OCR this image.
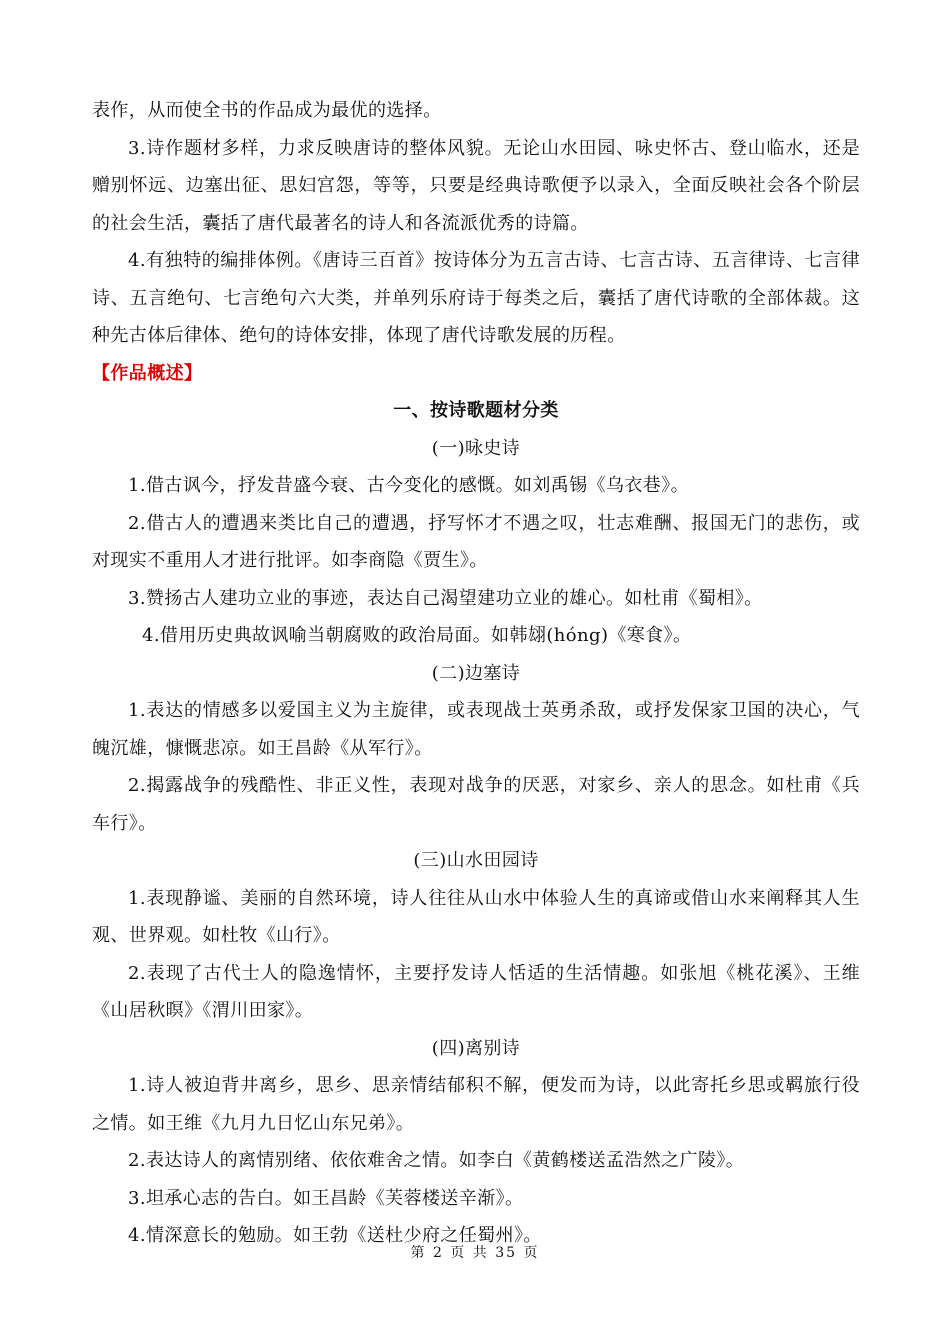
表作，从而使全书的作品成为最优的选择。

3.诗作题材多样，力求反映唐诗的整体风貌。无论山水田园、咏史怀古、登山临水，还是赠别怀远、边塞出征、思妇宫怨，等等，只要是经典诗歌便予以录入，全面反映社会各个阶层的社会生活，囊括了唐代最著名的诗人和各流派优秀的诗篇。

4.有独特的编排体例。《唐诗三百首》按诗体分为五言古诗、七言古诗、五言律诗、七言律诗、五言绝句、七言绝句六大类，并单列乐府诗于每类之后，囊括了唐代诗歌的全部体裁。这种先古体后律体、绝句的诗体安排，体现了唐代诗歌发展的历程。

【作品概述】

一、按诗歌题材分类

(一)咏史诗

1.借古讽今，抒发昔盛今衰、古今变化的感慨。如刘禹锡《乌衣巷》。

2.借古人的遭遇来类比自己的遭遇，抒写怀才不遇之叹，壮志难酬、报国无门的悲伤，或对现实不重用人才进行批评。如李商隐《贾生》。

3.赞扬古人建功立业的事迹，表达自己渴望建功立业的雄心。如杜甫《蜀相》。

4.借用历史典故讽喻当朝腐败的政治局面。如韩翃(hóng)《寒食》。

(二)边塞诗

1.表达的情感多以爱国主义为主旋律，或表现战士英勇杀敌，或抒发保家卫国的决心，气魄沉雄，慷慨悲凉。如王昌龄《从军行》。

2.揭露战争的残酷性、非正义性，表现对战争的厌恶，对家乡、亲人的思念。如杜甫《兵车行》。

(三)山水田园诗

1.表现静谧、美丽的自然环境，诗人往往从山水中体验人生的真谛或借山水来阐释其人生观、世界观。如杜牧《山行》。

2.表现了古代士人的隐逸情怀，主要抒发诗人恬适的生活情趣。如张旭《桃花溪》、王维《山居秋暝》《渭川田家》。

(四)离别诗

1.诗人被迫背井离乡，思乡、思亲情结郁积不解，便发而为诗，以此寄托乡思或羁旅行役之情。如王维《九月九日忆山东兄弟》。

2.表达诗人的离情别绪、依依难舍之情。如李白《黄鹤楼送孟浩然之广陵》。

3.坦承心志的告白。如王昌龄《芙蓉楼送辛渐》。

4.情深意长的勉励。如王勃《送杜少府之任蜀州》。

第 2 页 共 35 页
